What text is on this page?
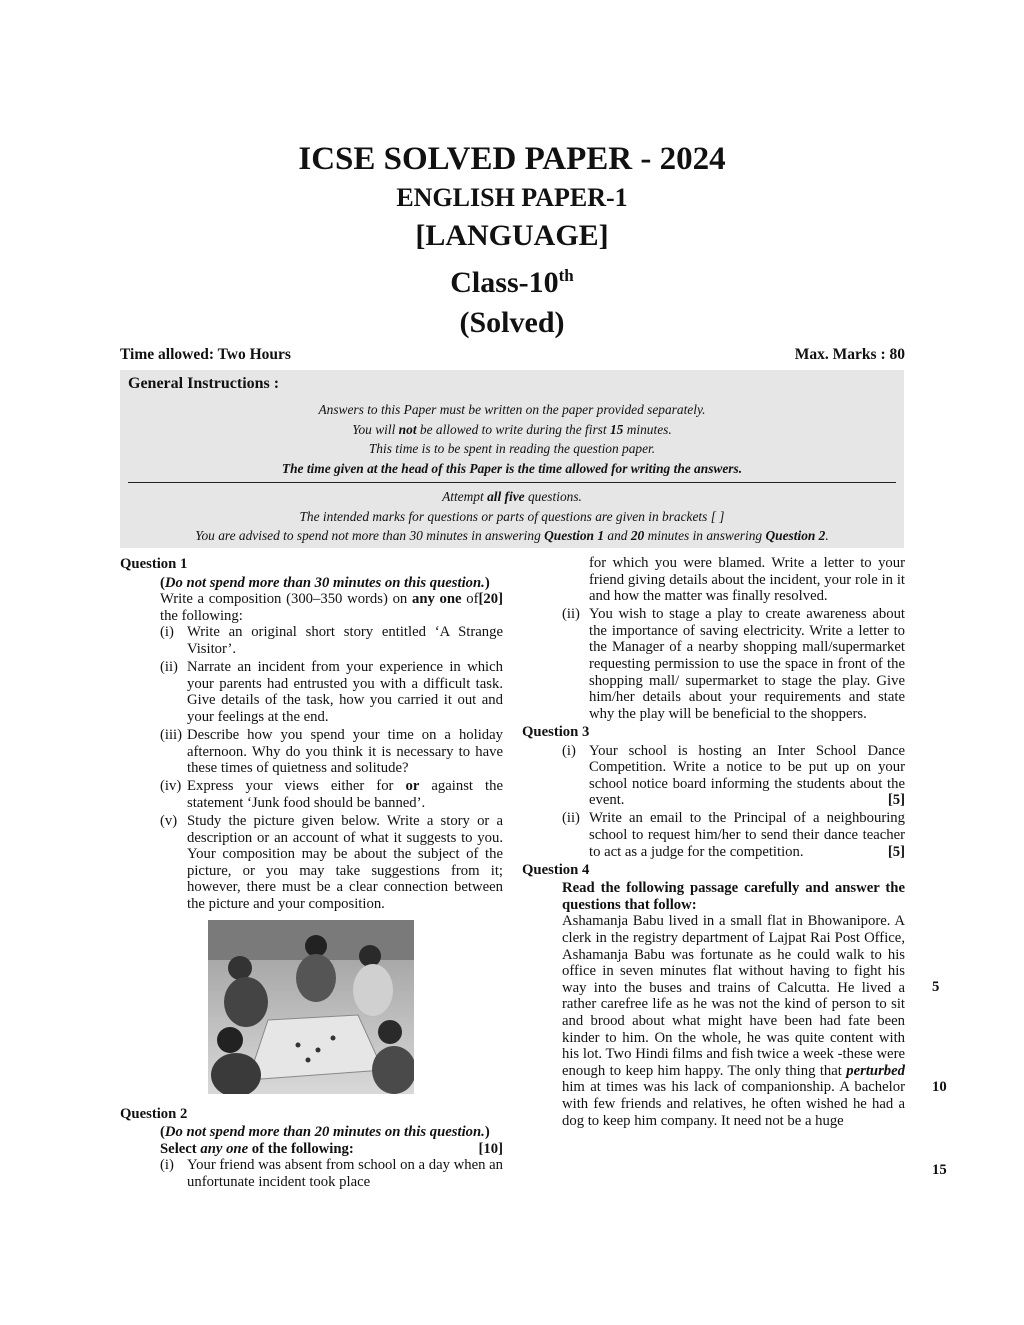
ICSE SOLVED PAPER - 2024
ENGLISH PAPER-1
[LANGUAGE]
Class-10th
(Solved)
Time allowed: Two Hours	Max. Marks : 80
General Instructions :
Answers to this Paper must be written on the paper provided separately.
You will not be allowed to write during the first 15 minutes.
This time is to be spent in reading the question paper.
The time given at the head of this Paper is the time allowed for writing the answers.
Attempt all five questions.
The intended marks for questions or parts of questions are given in brackets [ ]
You are advised to spend not more than 30 minutes in answering Question 1 and 20 minutes in answering Question 2.
Question 1
(Do not spend more than 30 minutes on this question.)
[20]
Write a composition (300–350 words) on any one of the following:
(i) Write an original short story entitled ‘A Strange Visitor’.
(ii) Narrate an incident from your experience in which your parents had entrusted you with a difficult task. Give details of the task, how you carried it out and your feelings at the end.
(iii) Describe how you spend your time on a holiday afternoon. Why do you think it is necessary to have these times of quietness and solitude?
(iv) Express your views either for or against the statement ‘Junk food should be banned’.
(v) Study the picture given below. Write a story or a description or an account of what it suggests to you. Your composition may be about the subject of the picture, or you may take suggestions from it; however, there must be a clear connection between the picture and your composition.
Question 2
(Do not spend more than 20 minutes on this question.)
[10]
Select any one of the following:
(i) Your friend was absent from school on a day when an unfortunate incident took place
for which you were blamed. Write a letter to your friend giving details about the incident, your role in it and how the matter was finally resolved.
(ii) You wish to stage a play to create awareness about the importance of saving electricity. Write a letter to the Manager of a nearby shopping mall/supermarket requesting permission to use the space in front of the shopping mall/ supermarket to stage the play. Give him/her details about your requirements and state why the play will be beneficial to the shoppers.
Question 3
(i) Your school is hosting an Inter School Dance Competition. Write a notice to be put up on your school notice board informing the students about the event.	[5]
(ii) Write an email to the Principal of a neighbouring school to request him/her to send their dance teacher to act as a judge for the competition.	[5]
Question 4
Read the following passage carefully and answer the questions that follow:
Ashamanja Babu lived in a small flat in Bhowanipore. A clerk in the registry department of Lajpat Rai Post Office, Ashamanja Babu was fortunate as he could walk to his office in seven minutes flat without having to fight his way into the buses and trains of Calcutta. He lived a rather carefree life as he was not the kind of person to sit and brood about what might have been had fate been kinder to him. On the whole, he was quite content with his lot. Two Hindi films and fish twice a week -these were enough to keep him happy. The only thing that perturbed him at times was his lack of companionship. A bachelor with few friends and relatives, he often wished he had a dog to keep him company. It need not be a huge
5
10
15
